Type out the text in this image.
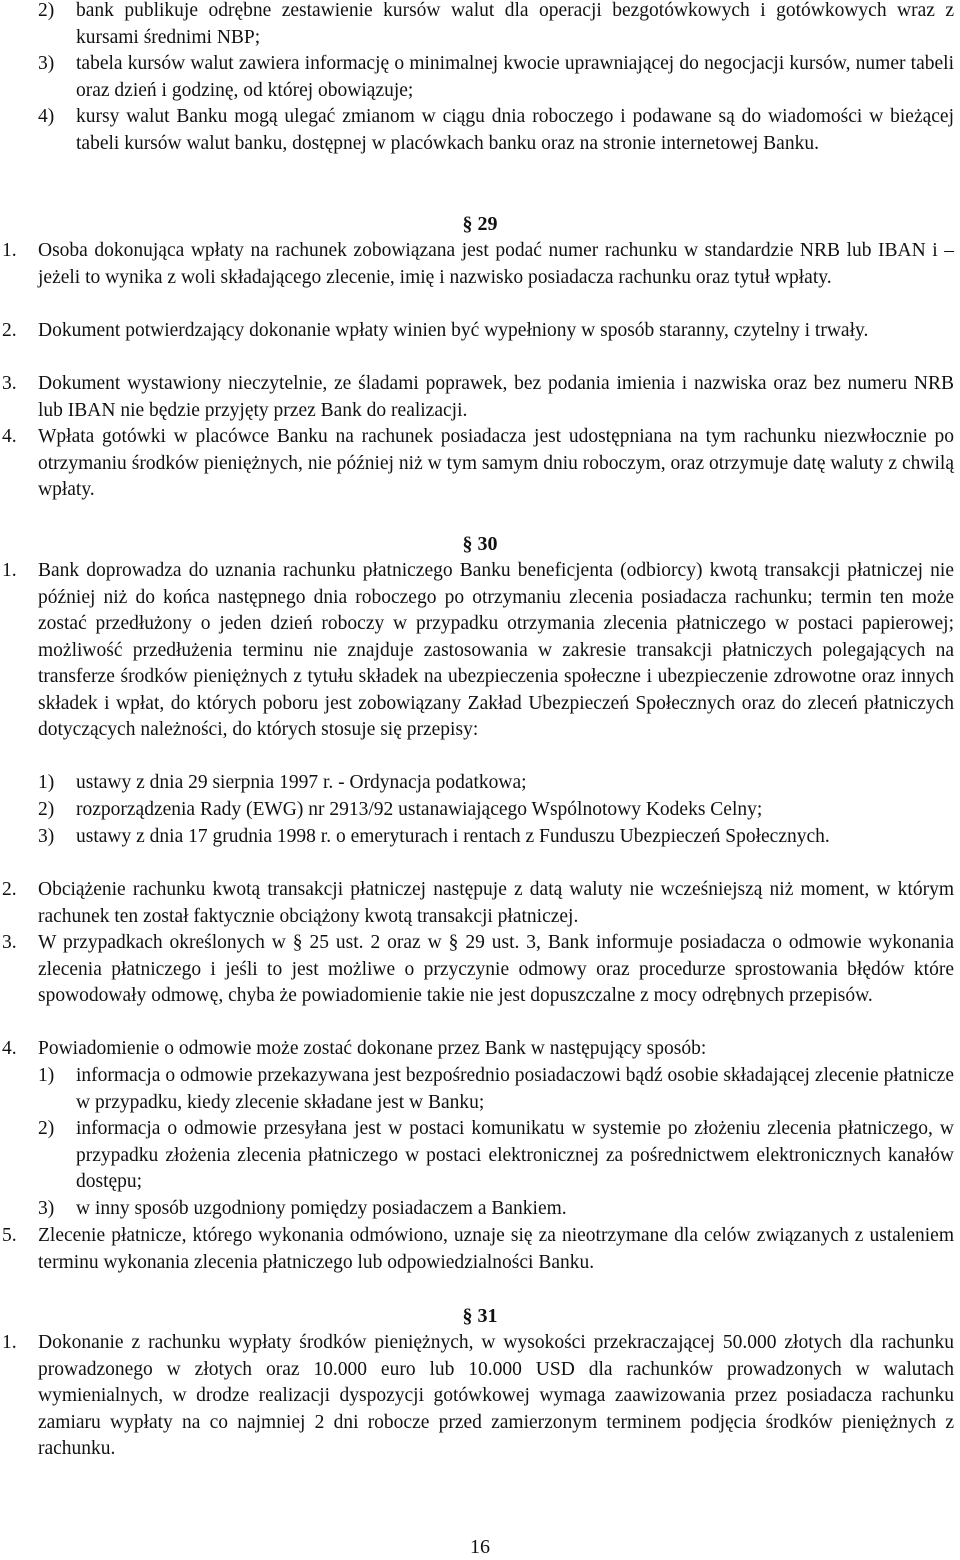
2) bank publikuje odrębne zestawienie kursów walut dla operacji bezgotówkowych i gotówkowych wraz z kursami średnimi NBP;

3) tabela kursów walut zawiera informację o minimalnej kwocie uprawniającej do negocjacji kursów, numer tabeli oraz dzień i godzinę, od której obowiązuje;

4) kursy walut Banku mogą ulegać zmianom w ciągu dnia roboczego i podawane są do wiadomości w bieżącej tabeli kursów walut banku, dostępnej w placówkach banku oraz na stronie internetowej Banku.

§ 29
1. Osoba dokonująca wpłaty na rachunek zobowiązana jest podać numer rachunku w standardzie NRB lub IBAN i – jeżeli to wynika z woli składającego zlecenie, imię i nazwisko posiadacza rachunku oraz tytuł wpłaty.

2. Dokument potwierdzający dokonanie wpłaty winien być wypełniony w sposób staranny, czytelny i trwały.

3. Dokument wystawiony nieczytelnie, ze śladami poprawek, bez podania imienia i nazwiska oraz bez numeru NRB lub IBAN nie będzie przyjęty przez Bank do realizacji.

4. Wpłata gotówki w placówce Banku na rachunek posiadacza jest udostępniana na tym rachunku niezwłocznie po otrzymaniu środków pieniężnych, nie później niż w tym samym dniu roboczym, oraz otrzymuje datę waluty z chwilą wpłaty.

§ 30
1. Bank doprowadza do uznania rachunku płatniczego Banku beneficjenta (odbiorcy) kwotą transakcji płatniczej nie później niż do końca następnego dnia roboczego po otrzymaniu zlecenia posiadacza rachunku; termin ten może zostać przedłużony o jeden dzień roboczy w przypadku otrzymania zlecenia płatniczego w postaci papierowej; możliwość przedłużenia terminu nie znajduje zastosowania w zakresie transakcji płatniczych polegających na transferze środków pieniężnych z tytułu składek na ubezpieczenia społeczne i ubezpieczenie zdrowotne oraz innych składek i wpłat, do których poboru jest zobowiązany Zakład Ubezpieczeń Społecznych oraz do zleceń płatniczych dotyczących należności, do których stosuje się przepisy:

1) ustawy z dnia 29 sierpnia 1997 r. - Ordynacja podatkowa;

2) rozporządzenia Rady (EWG) nr 2913/92 ustanawiającego Wspólnotowy Kodeks Celny;

3) ustawy z dnia 17 grudnia 1998 r. o emeryturach i rentach z Funduszu Ubezpieczeń Społecznych.

2. Obciążenie rachunku kwotą transakcji płatniczej następuje z datą waluty nie wcześniejszą niż moment, w którym rachunek ten został faktycznie obciążony kwotą transakcji płatniczej.

3. W przypadkach określonych w § 25 ust. 2 oraz w § 29 ust. 3, Bank informuje posiadacza o odmowie wykonania zlecenia płatniczego i jeśli to jest możliwe o przyczynie odmowy oraz procedurze sprostowania błędów które spowodowały odmowę, chyba że powiadomienie takie nie jest dopuszczalne z mocy odrębnych przepisów.

4. Powiadomienie o odmowie może zostać dokonane przez Bank w następujący sposób:

1) informacja o odmowie przekazywana jest bezpośrednio posiadaczowi bądź osobie składającej zlecenie płatnicze w przypadku, kiedy zlecenie składane jest w Banku;

2) informacja o odmowie przesyłana jest w postaci komunikatu w systemie po złożeniu zlecenia płatniczego, w przypadku złożenia zlecenia płatniczego w postaci elektronicznej za pośrednictwem elektronicznych kanałów dostępu;

3) w inny sposób uzgodniony pomiędzy posiadaczem a Bankiem.

5. Zlecenie płatnicze, którego wykonania odmówiono, uznaje się za nieotrzymane dla celów związanych z ustaleniem terminu wykonania zlecenia płatniczego lub odpowiedzialności Banku.

§ 31
1. Dokonanie z rachunku wypłaty środków pieniężnych, w wysokości przekraczającej 50.000 złotych dla rachunku prowadzonego w złotych oraz 10.000 euro lub 10.000 USD dla rachunków prowadzonych w walutach wymienialnych, w drodze realizacji dyspozycji gotówkowej wymaga zaawizowania przez posiadacza rachunku zamiaru wypłaty na co najmniej 2 dni robocze przed zamierzonym terminem podjęcia środków pieniężnych z rachunku.

16
